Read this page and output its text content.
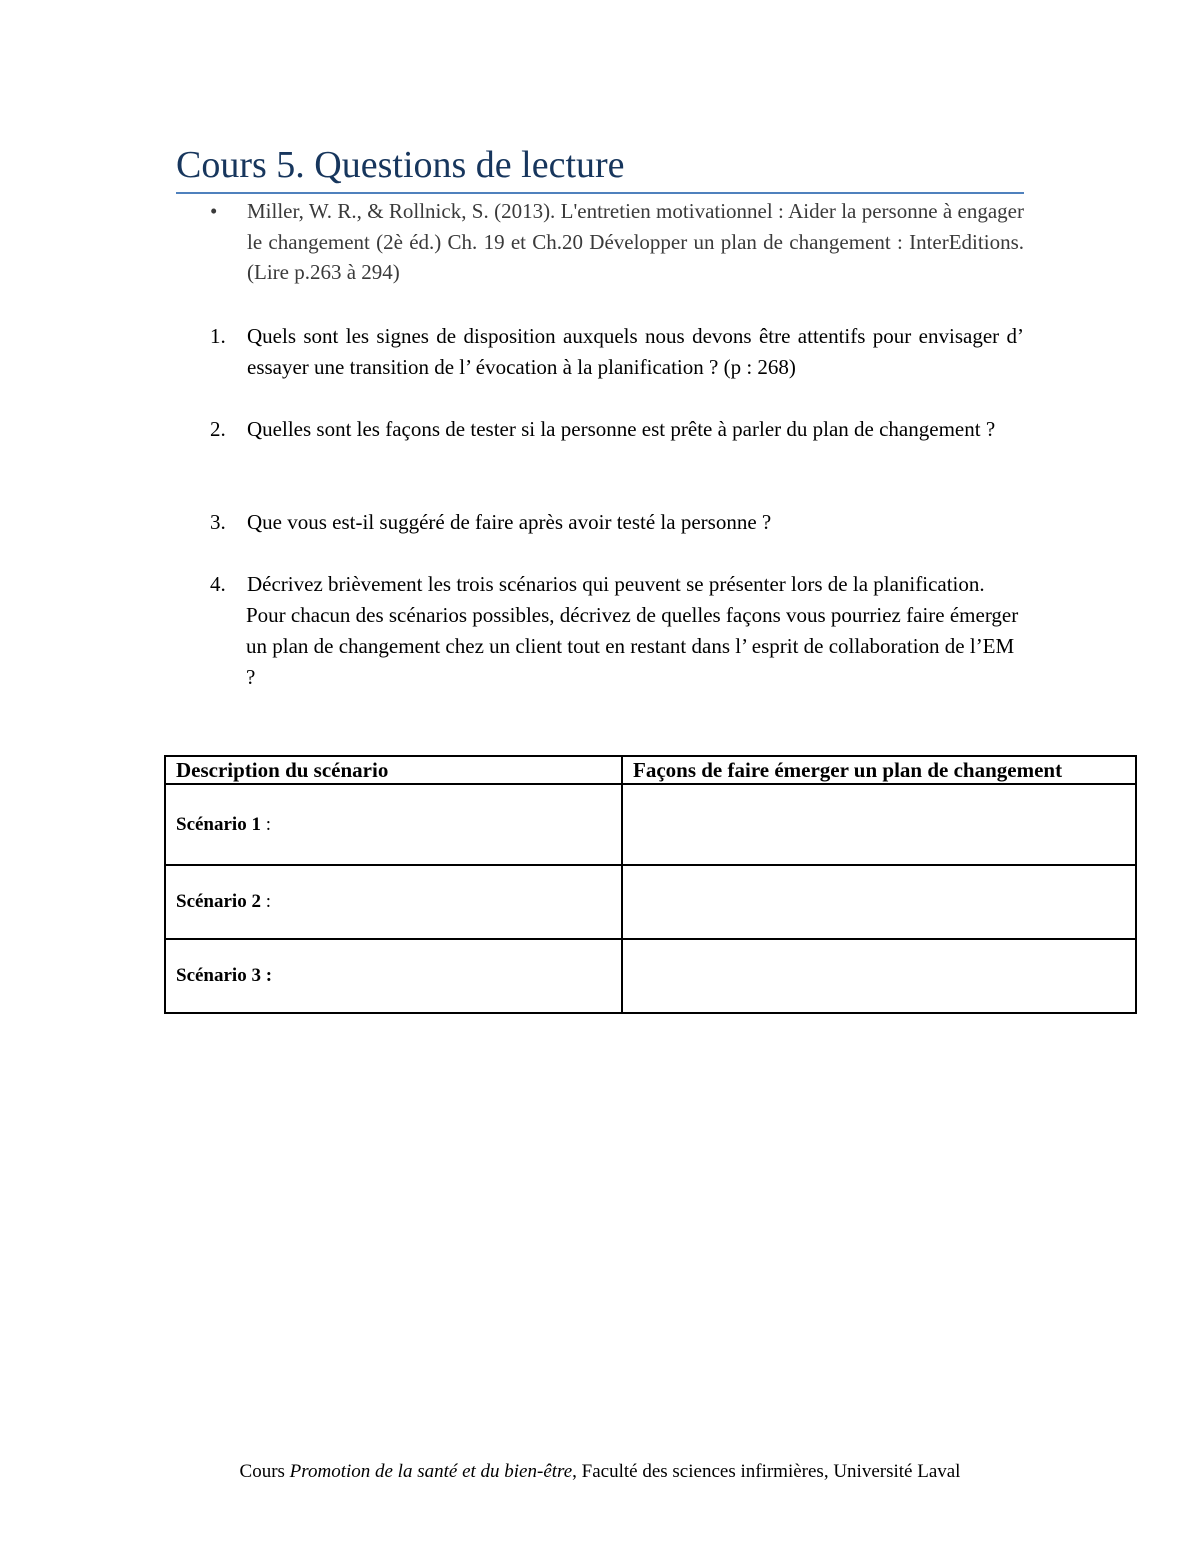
Cours 5. Questions de lecture
•	Miller, W. R., & Rollnick, S. (2013). L'entretien motivationnel : Aider la personne à engager le changement (2è éd.) Ch. 19 et Ch.20 Développer un plan de changement : InterEditions. (Lire p.263 à 294)
1. Quels sont les signes de disposition auxquels nous devons être attentifs pour envisager d’ essayer une transition de l’ évocation à la planification ? (p : 268)
2. Quelles sont les façons de tester si la personne est prête à parler du plan de changement ?
3. Que vous est-il suggéré de faire après avoir testé la personne ?
4. Décrivez brièvement les trois scénarios qui peuvent se présenter lors de la planification.
Pour chacun des scénarios possibles, décrivez de quelles façons vous pourriez faire émerger un plan de changement chez un client tout en restant dans l’ esprit de collaboration de l’EM ?
Description du scénario	Façons de faire émerger un plan de changement
Scénario 1 :	
Scénario 2 :	
Scénario 3 :	
Cours Promotion de la santé et du bien-être, Faculté des sciences infirmières, Université Laval
